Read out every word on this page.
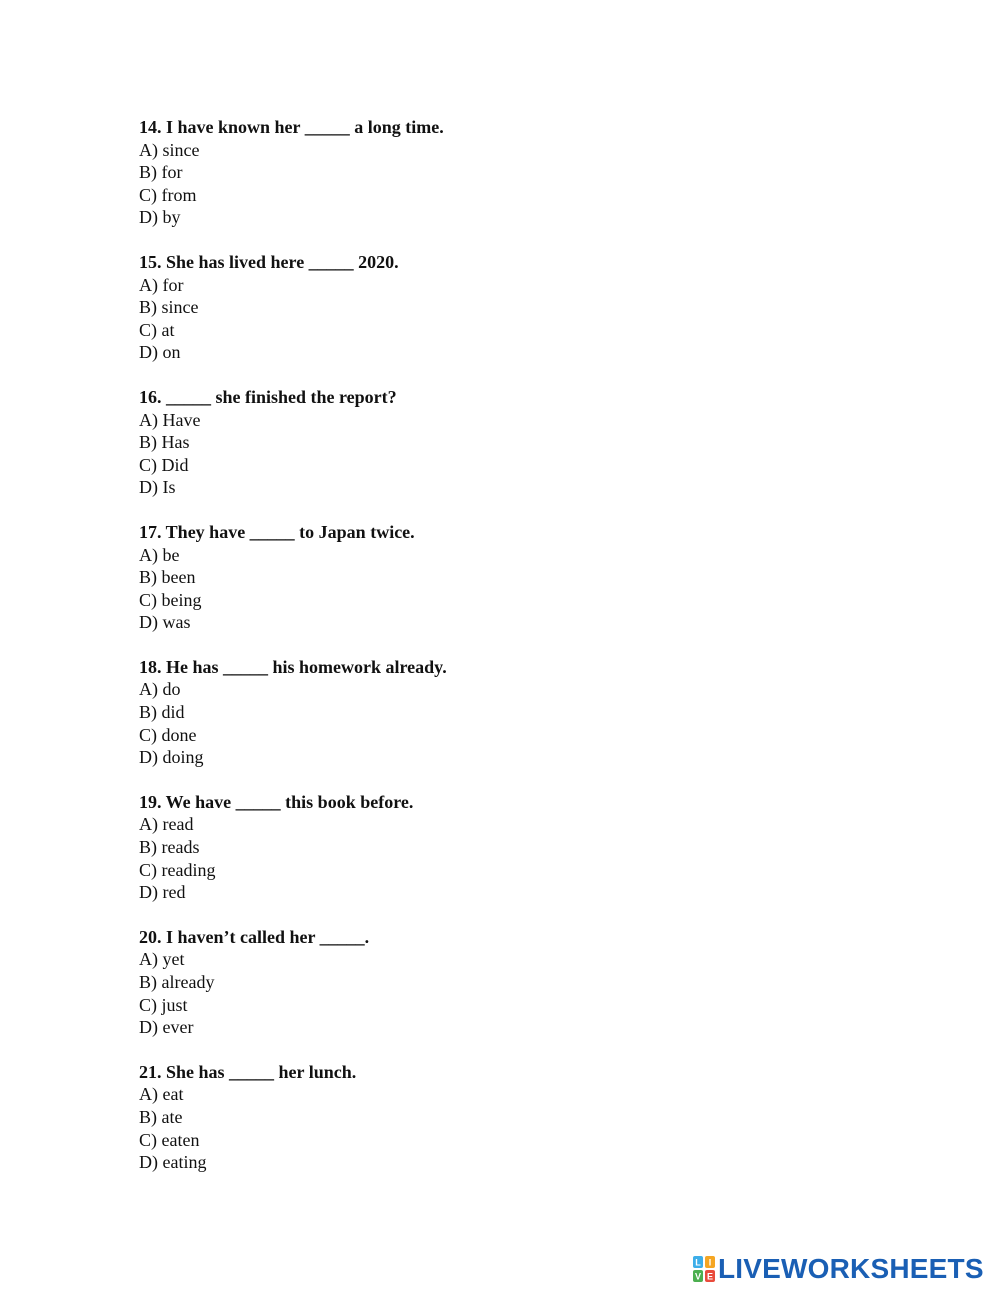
14. I have known her _____ a long time.
A) since
B) for
C) from
D) by
15. She has lived here _____ 2020.
A) for
B) since
C) at
D) on
16. _____ she finished the report?
A) Have
B) Has
C) Did
D) Is
17. They have _____ to Japan twice.
A) be
B) been
C) being
D) was
18. He has _____ his homework already.
A) do
B) did
C) done
D) doing
19. We have _____ this book before.
A) read
B) reads
C) reading
D) red
20. I haven’t called her _____.
A) yet
B) already
C) just
D) ever
21. She has _____ her lunch.
A) eat
B) ate
C) eaten
D) eating
L I
V E LIVEWORKSHEETS
